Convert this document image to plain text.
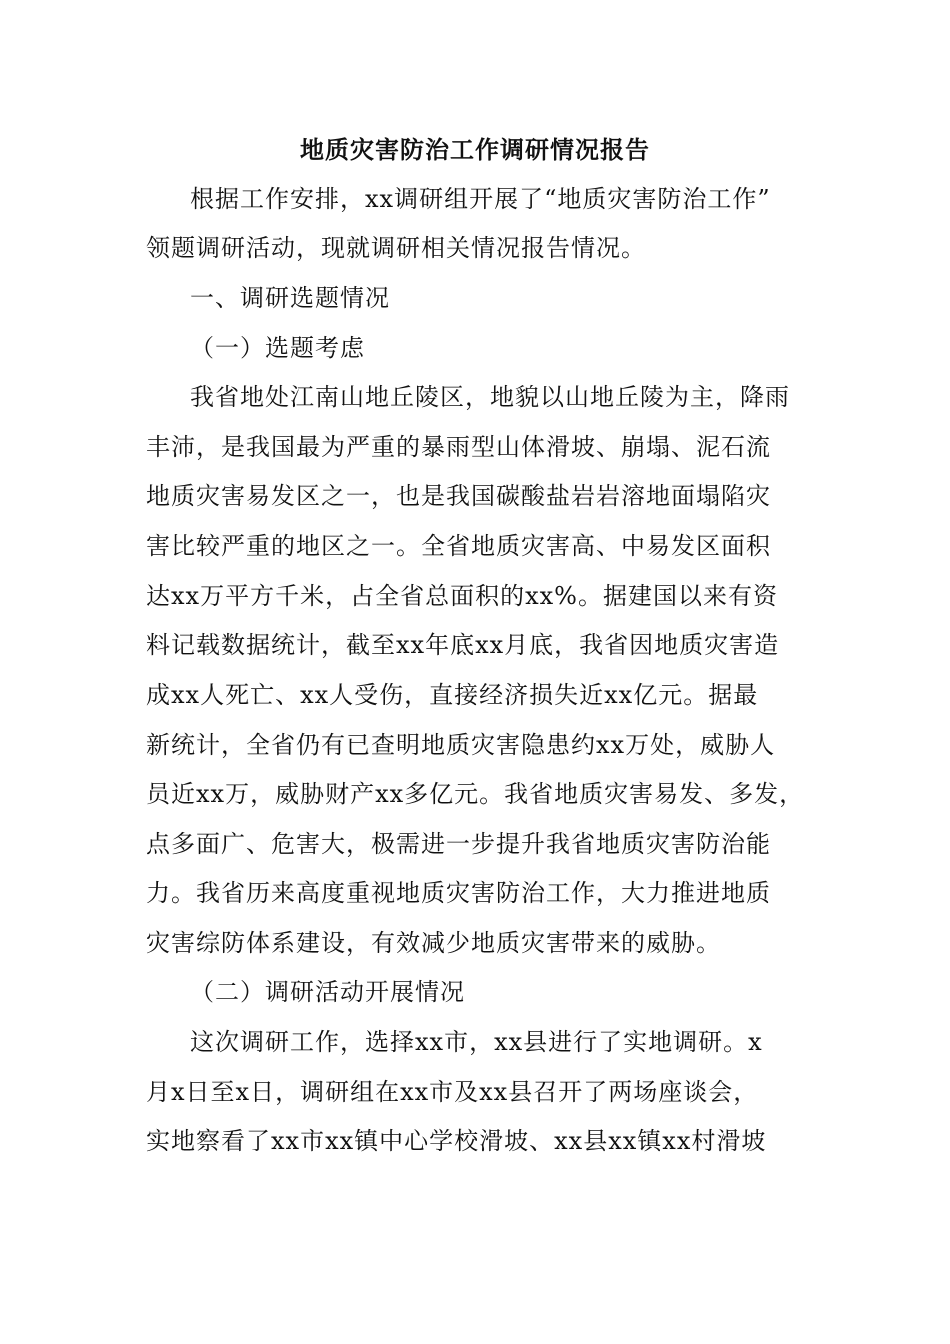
地质灾害防治工作调研情况报告
根据工作安排，xx调研组开展了“地质灾害防治工作”
领题调研活动，现就调研相关情况报告情况。
一、调研选题情况
（一）选题考虑
我省地处江南山地丘陵区，地貌以山地丘陵为主，降雨
丰沛，是我国最为严重的暴雨型山体滑坡、崩塌、泥石流
地质灾害易发区之一，也是我国碳酸盐岩岩溶地面塌陷灾
害比较严重的地区之一。全省地质灾害高、中易发区面积
达xx万平方千米，占全省总面积的xx%。据建国以来有资
料记载数据统计，截至xx年底xx月底，我省因地质灾害造
成xx人死亡、xx人受伤，直接经济损失近xx亿元。据最
新统计，全省仍有已查明地质灾害隐患约xx万处，威胁人
员近xx万，威胁财产xx多亿元。我省地质灾害易发、多发，
点多面广、危害大，极需进一步提升我省地质灾害防治能
力。我省历来高度重视地质灾害防治工作，大力推进地质
灾害综防体系建设，有效减少地质灾害带来的威胁。
（二）调研活动开展情况
这次调研工作，选择xx市，xx县进行了实地调研。x
月x日至x日，调研组在xx市及xx县召开了两场座谈会，
实地察看了xx市xx镇中心学校滑坡、xx县xx镇xx村滑坡
